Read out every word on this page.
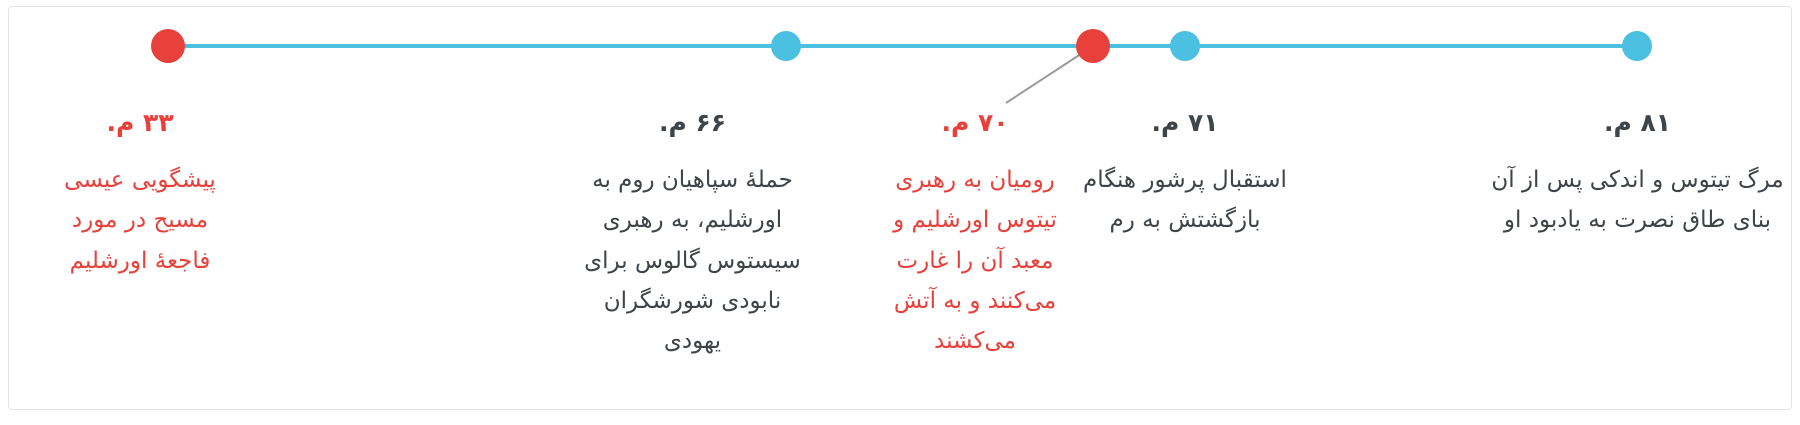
۸۱ م.
مرگ تیتوس و اندکی پس از آن بنای طاق نصرت به یادبود او
۷۱ م.
استقبال پرشور هنگام بازگشتش به رم
۷۰ م.
رومیان به رهبری تیتوس اورشلیم و معبد آن را غارت می‌کنند و به آتش می‌کشند
۶۶ م.
حملهٔ سپاهیان روم به اورشلیم، به رهبری سیستوس گالوس برای نابودی شورشگران یهودی
۳۳ م.
پیشگویی عیسی مسیح در مورد فاجعهٔ اورشلیم
